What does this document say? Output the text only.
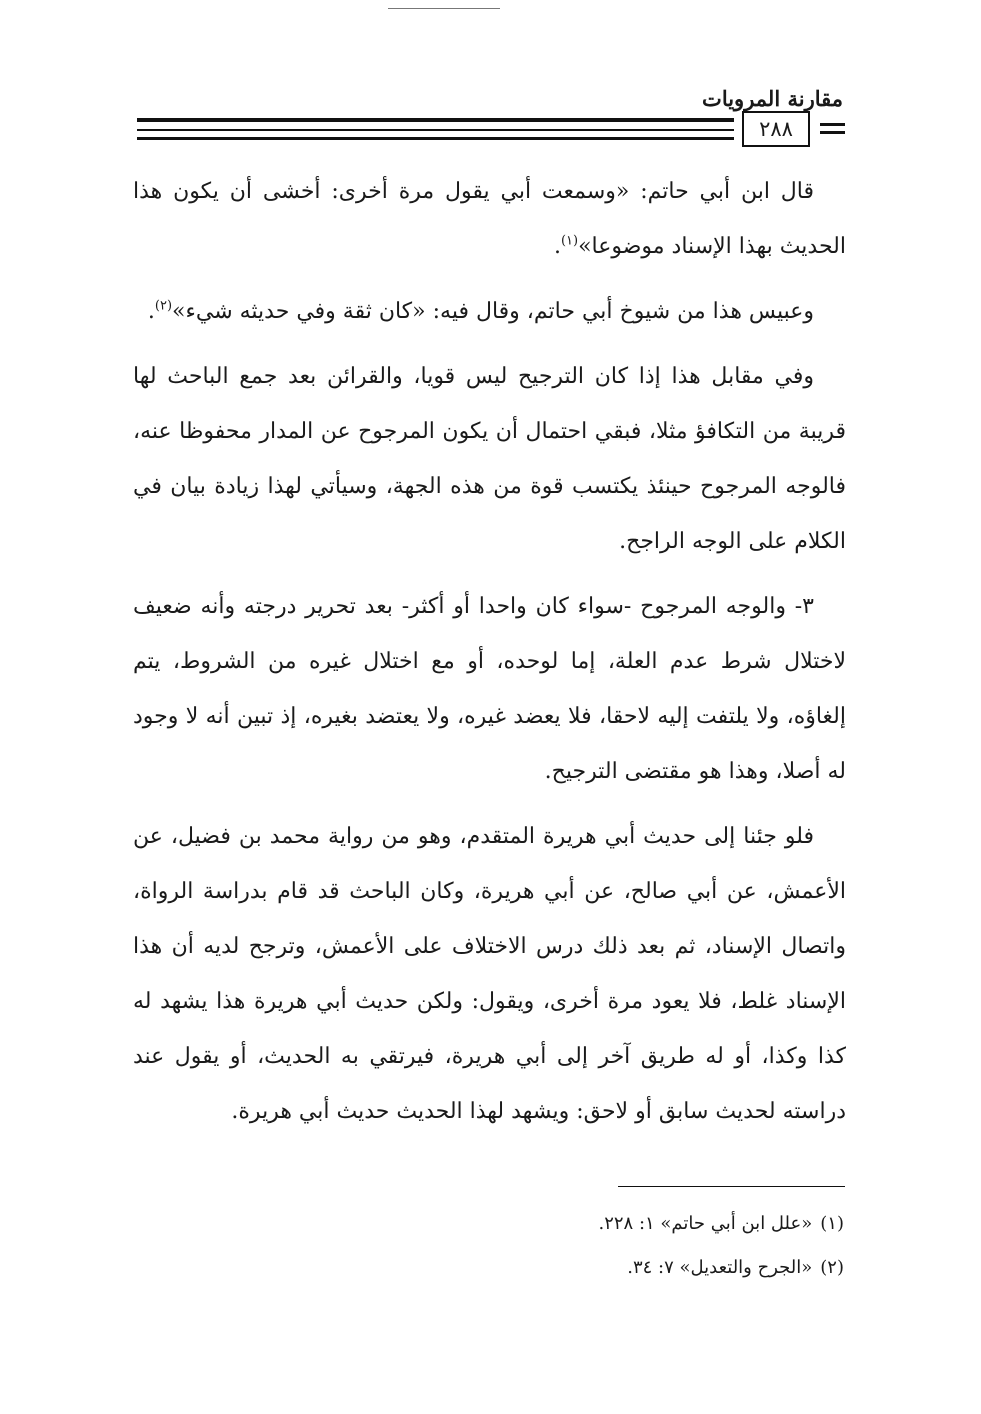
مقارنة المرويات
٢٨٨

قال ابن أبي حاتم: «وسمعت أبي يقول مرة أخرى: أخشى أن يكون هذا الحديث بهذا الإسناد موضوعا»$^{(١)}$.

وعبيس هذا من شيوخ أبي حاتم، وقال فيه: «كان ثقة وفي حديثه شيء»$^{(٢)}$.

وفي مقابل هذا إذا كان الترجيح ليس قويا، والقرائن بعد جمع الباحث لها قريبة من التكافؤ مثلا، فبقي احتمال أن يكون المرجوح عن المدار محفوظا عنه، فالوجه المرجوح حينئذ يكتسب قوة من هذه الجهة، وسيأتي لهذا زيادة بيان في الكلام على الوجه الراجح.

٣- والوجه المرجوح -سواء كان واحدا أو أكثر- بعد تحرير درجته وأنه ضعيف لاختلال شرط عدم العلة، إما لوحده، أو مع اختلال غيره من الشروط، يتم إلغاؤه، ولا يلتفت إليه لاحقا، فلا يعضد غيره، ولا يعتضد بغيره، إذ تبين أنه لا وجود له أصلا، وهذا هو مقتضى الترجيح.

فلو جئنا إلى حديث أبي هريرة المتقدم، وهو من رواية محمد بن فضيل، عن الأعمش، عن أبي صالح، عن أبي هريرة، وكان الباحث قد قام بدراسة الرواة، واتصال الإسناد، ثم بعد ذلك درس الاختلاف على الأعمش، وترجح لديه أن هذا الإسناد غلط، فلا يعود مرة أخرى، ويقول: ولكن حديث أبي هريرة هذا يشهد له كذا وكذا، أو له طريق آخر إلى أبي هريرة، فيرتقي به الحديث، أو يقول عند دراسته لحديث سابق أو لاحق: ويشهد لهذا الحديث حديث أبي هريرة.

(١)«علل ابن أبي حاتم» ١: ٢٢٨.
(٢)«الجرح والتعديل» ٧: ٣٤.
